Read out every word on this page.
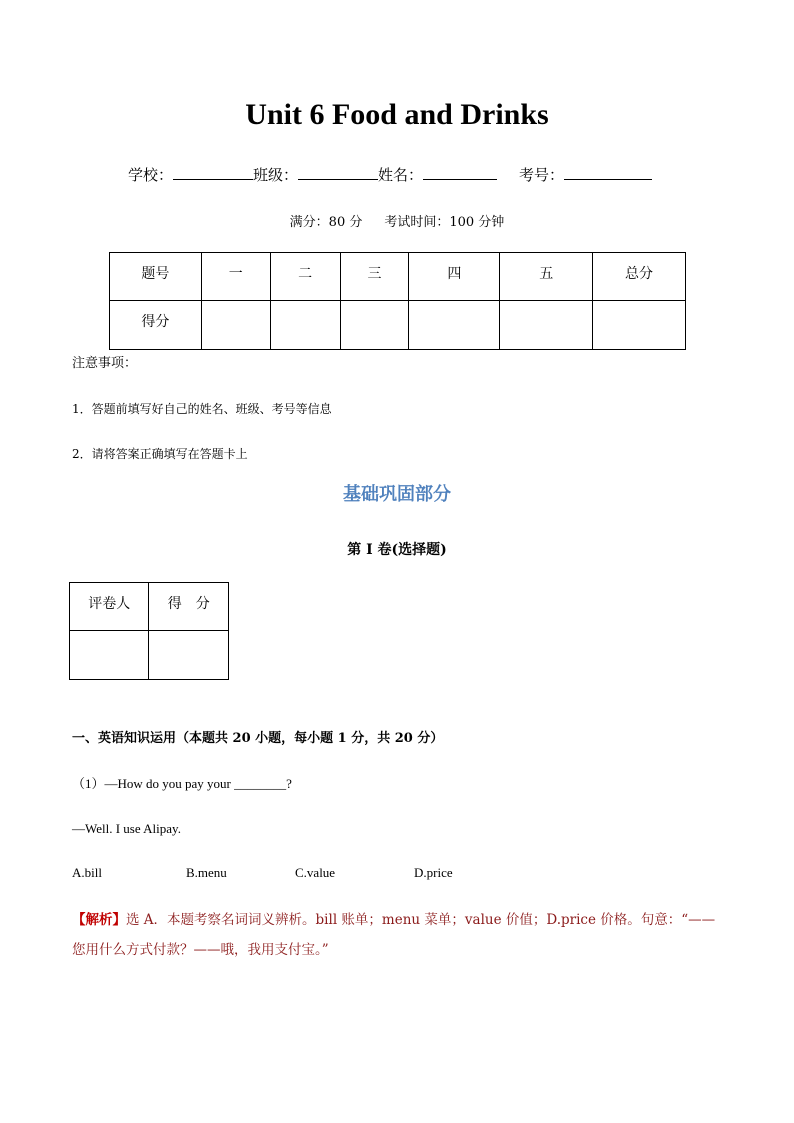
Unit 6 Food and Drinks
学校：	班级：	姓名：	考号：
满分：80 分 考试时间：100 分钟
题号	一	二	三	四	五	总分
得分						
注意事项：
1．答题前填写好自己的姓名、班级、考号等信息
2．请将答案正确填写在答题卡上
基础巩固部分
第 I 卷(选择题)
评卷人	得　分

一、英语知识运用（本题共 20 小题，每小题 1 分，共 20 分）
（1）—How do you pay your ________?
—Well. I use Alipay.
A.bill	B.menu	C.value	D.price
【解析】选 A．本题考察名词词义辨析。bill 账单；menu 菜单；value 价值；D.price 价格。句意：“——您用什么方式付款？——哦，我用支付宝。”
